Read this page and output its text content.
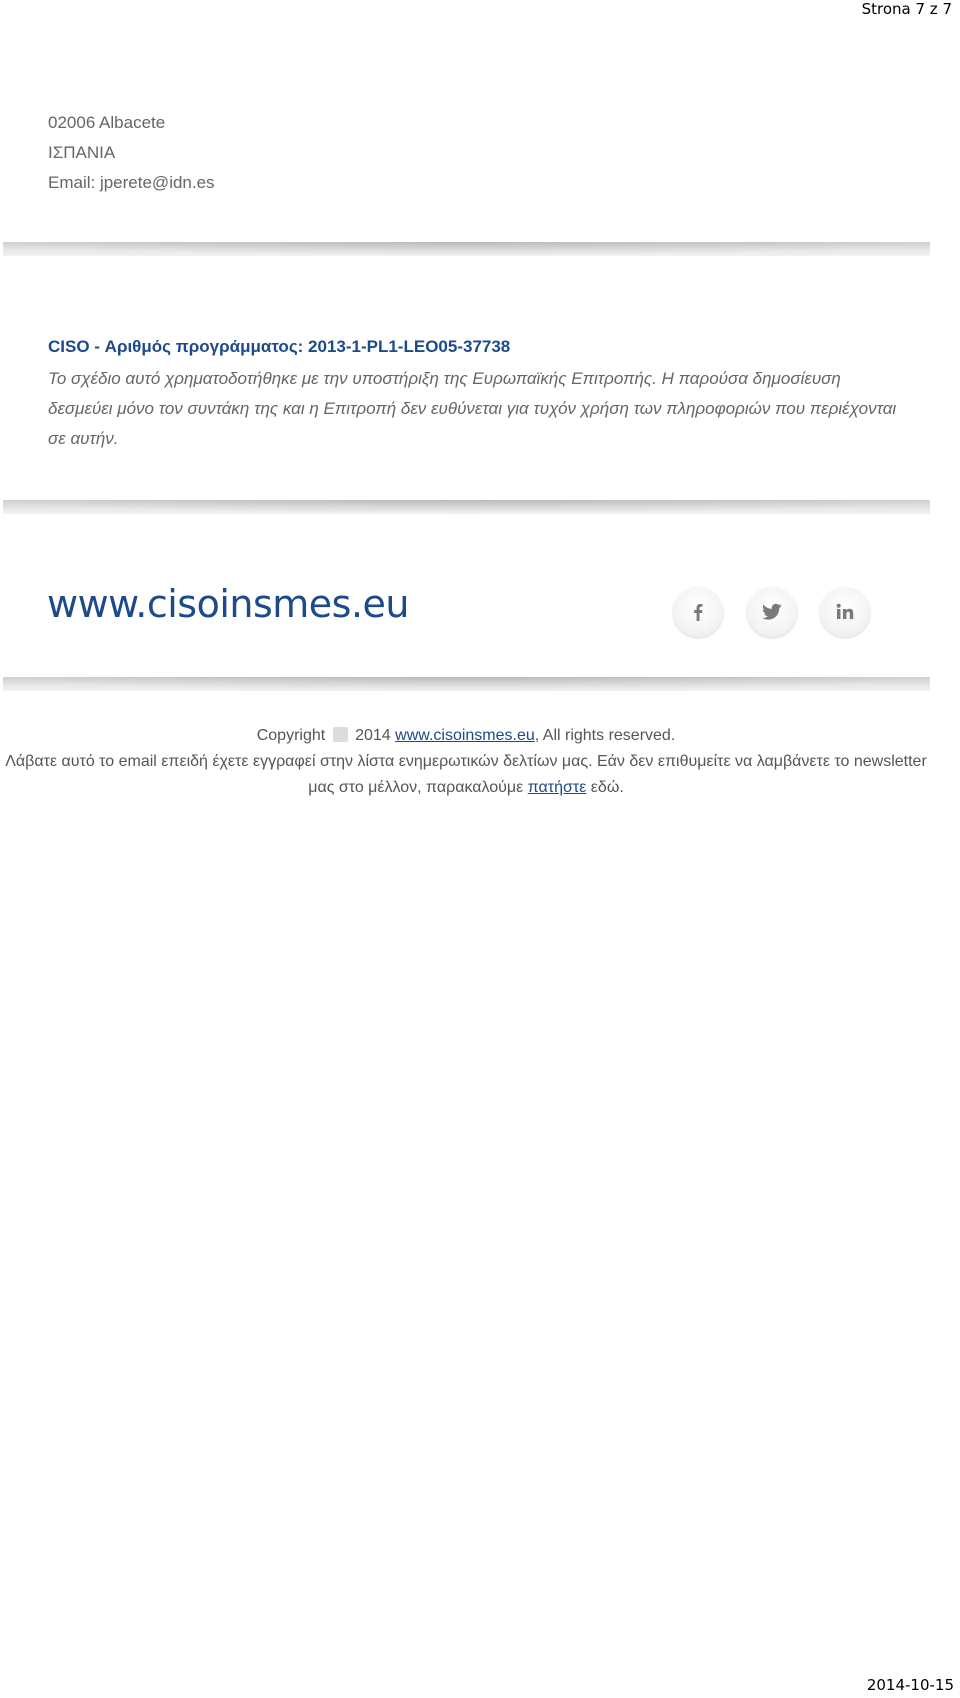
Strona 7 z 7
02006 Albacete
ΙΣΠΑΝΙΑ
Email: jperete@idn.es
CISO - Αριθμός προγράμματος: 2013-1-PL1-LEO05-37738
Το σχέδιο αυτό χρηματοδοτήθηκε με την υποστήριξη της Ευρωπαϊκής Επιτροπής. Η παρούσα δημοσίευση δεσμεύει μόνο τον συντάκη της και η Επιτροπή δεν ευθύνεται για τυχόν χρήση των πληροφοριών που περιέχονται σε αυτήν.
www.cisoinsmes.eu
Copyright 2014 www.cisoinsmes.eu, All rights reserved.
Λάβατε αυτό το email επειδή έχετε εγγραφεί στην λίστα ενημερωτικών δελτίων μας. Εάν δεν επιθυμείτε να λαμβάνετε το newsletter μας στο μέλλον, παρακαλούμε πατήστε εδώ.
2014-10-15
